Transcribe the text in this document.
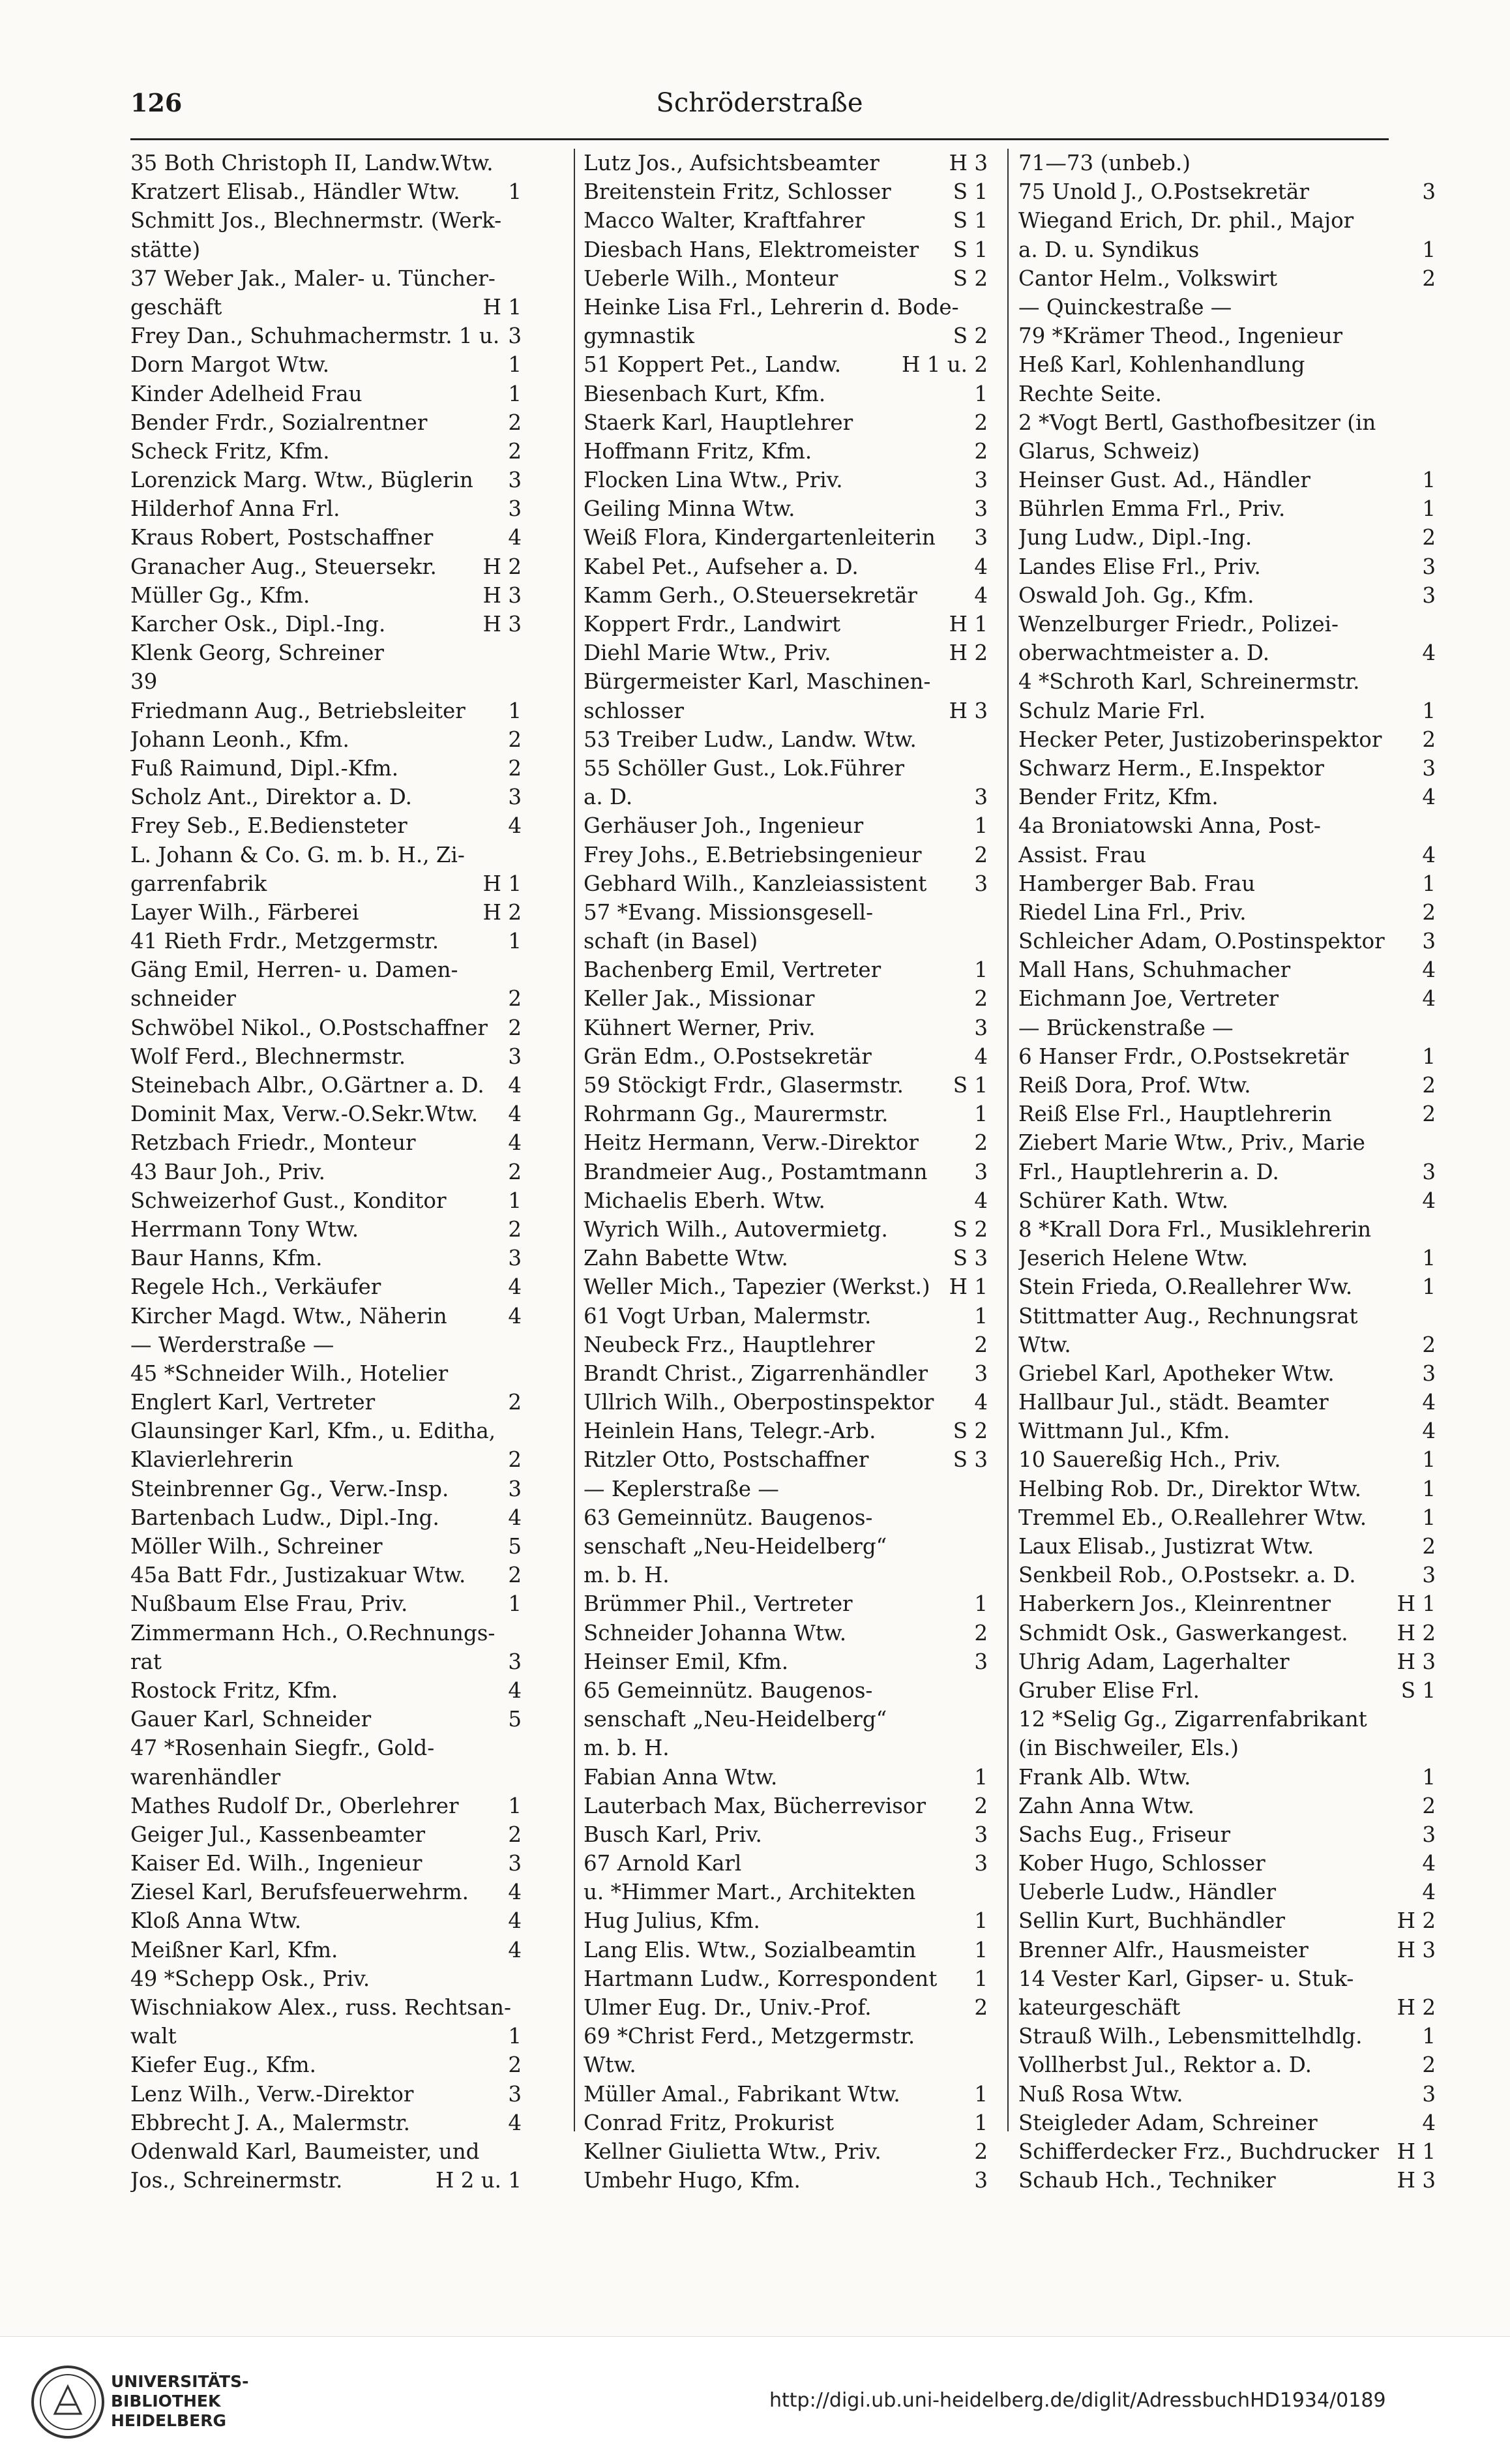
126	Schröderstraße
35 Both Christoph II, Landw.Wtw.
Kratzert Elisab., Händler Wtw.	1
Schmitt Jos., Blechnermstr. (Werk-
stätte)
37 Weber Jak., Maler- u. Tüncher-
geschäft	H 1
Frey Dan., Schuhmachermstr. 1 u. 3
Dorn Margot Wtw.	1
Kinder Adelheid Frau	1
Bender Frdr., Sozialrentner	2
Scheck Fritz, Kfm.	2
Lorenzick Marg. Wtw., Büglerin	3
Hilderhof Anna Frl.	3
Kraus Robert, Postschaffner	4
Granacher Aug., Steuersekr.	H 2
Müller Gg., Kfm.	H 3
Karcher Osk., Dipl.-Ing.	H 3
Klenk Georg, Schreiner
39
Friedmann Aug., Betriebsleiter	1
Johann Leonh., Kfm.	2
Fuß Raimund, Dipl.-Kfm.	2
Scholz Ant., Direktor a. D.	3
Frey Seb., E.Bediensteter	4
L. Johann & Co. G. m. b. H., Zi-
garrenfabrik	H 1
Layer Wilh., Färberei	H 2
41 Rieth Frdr., Metzgermstr.	1
Gäng Emil, Herren- u. Damen-
schneider	2
Schwöbel Nikol., O.Postschaffner 2
Wolf Ferd., Blechnermstr.	3
Steinebach Albr., O.Gärtner a. D.	4
Dominit Max, Verw.-O.Sekr.Wtw.	4
Retzbach Friedr., Monteur	4
43 Baur Joh., Priv.	2
Schweizerhof Gust., Konditor	1
Herrmann Tony Wtw.	2
Baur Hanns, Kfm.	3
Regele Hch., Verkäufer	4
Kircher Magd. Wtw., Näherin	4
— Werderstraße —
45 *Schneider Wilh., Hotelier
Englert Karl, Vertreter	2
Glaunsinger Karl, Kfm., u. Editha,
Klavierlehrerin	2
Steinbrenner Gg., Verw.-Insp.	3
Bartenbach Ludw., Dipl.-Ing.	4
Möller Wilh., Schreiner	5
45a Batt Fdr., Justizakuar Wtw.	2
Nußbaum Else Frau, Priv.	1
Zimmermann Hch., O.Rechnungs-
rat	3
Rostock Fritz, Kfm.	4
Gauer Karl, Schneider	5
47 *Rosenhain Siegfr., Gold-
warenhändler
Mathes Rudolf Dr., Oberlehrer	1
Geiger Jul., Kassenbeamter	2
Kaiser Ed. Wilh., Ingenieur	3
Ziesel Karl, Berufsfeuerwehrm.	4
Kloß Anna Wtw.	4
Meißner Karl, Kfm.	4
49 *Schepp Osk., Priv.
Wischniakow Alex., russ. Rechtsan-
walt	1
Kiefer Eug., Kfm.	2
Lenz Wilh., Verw.-Direktor	3
Ebbrecht J. A., Malermstr.	4
Odenwald Karl, Baumeister, und
Jos., Schreinermstr.	H 2 u. 1
Lutz Jos., Aufsichtsbeamter	H 3
Breitenstein Fritz, Schlosser	S 1
Macco Walter, Kraftfahrer	S 1
Diesbach Hans, Elektromeister	S 1
Ueberle Wilh., Monteur	S 2
Heinke Lisa Frl., Lehrerin d. Bode-
gymnastik	S 2
51 Koppert Pet., Landw.	H 1 u. 2
Biesenbach Kurt, Kfm.	1
Staerk Karl, Hauptlehrer	2
Hoffmann Fritz, Kfm.	2
Flocken Lina Wtw., Priv.	3
Geiling Minna Wtw.	3
Weiß Flora, Kindergartenleiterin	3
Kabel Pet., Aufseher a. D.	4
Kamm Gerh., O.Steuersekretär	4
Koppert Frdr., Landwirt	H 1
Diehl Marie Wtw., Priv.	H 2
Bürgermeister Karl, Maschinen-
schlosser	H 3
53 Treiber Ludw., Landw. Wtw.
55 Schöller Gust., Lok.Führer
a. D.	3
Gerhäuser Joh., Ingenieur	1
Frey Johs., E.Betriebsingenieur	2
Gebhard Wilh., Kanzleiassistent	3
57 *Evang. Missionsgesell-
schaft (in Basel)
Bachenberg Emil, Vertreter	1
Keller Jak., Missionar	2
Kühnert Werner, Priv.	3
Grän Edm., O.Postsekretär	4
59 Stöckigt Frdr., Glasermstr.	S 1
Rohrmann Gg., Maurermstr.	1
Heitz Hermann, Verw.-Direktor	2
Brandmeier Aug., Postamtmann	3
Michaelis Eberh. Wtw.	4
Wyrich Wilh., Autovermietg.	S 2
Zahn Babette Wtw.	S 3
Weller Mich., Tapezier (Werkst.) H 1
61 Vogt Urban, Malermstr.	1
Neubeck Frz., Hauptlehrer	2
Brandt Christ., Zigarrenhändler	3
Ullrich Wilh., Oberpostinspektor	4
Heinlein Hans, Telegr.-Arb.	S 2
Ritzler Otto, Postschaffner	S 3
— Keplerstraße —
63 Gemeinnütz. Baugenos-
senschaft „Neu-Heidelberg“
m. b. H.
Brümmer Phil., Vertreter	1
Schneider Johanna Wtw.	2
Heinser Emil, Kfm.	3
65 Gemeinnütz. Baugenos-
senschaft „Neu-Heidelberg“
m. b. H.
Fabian Anna Wtw.	1
Lauterbach Max, Bücherrevisor	2
Busch Karl, Priv.	3
67 Arnold Karl	3
u. *Himmer Mart., Architekten
Hug Julius, Kfm.	1
Lang Elis. Wtw., Sozialbeamtin	1
Hartmann Ludw., Korrespondent	1
Ulmer Eug. Dr., Univ.-Prof.	2
69 *Christ Ferd., Metzgermstr.
Wtw.
Müller Amal., Fabrikant Wtw.	1
Conrad Fritz, Prokurist	1
Kellner Giulietta Wtw., Priv.	2
Umbehr Hugo, Kfm.	3
71—73 (unbeb.)
75 Unold J., O.Postsekretär	3
Wiegand Erich, Dr. phil., Major
a. D. u. Syndikus	1
Cantor Helm., Volkswirt	2
— Quinckestraße —
79 *Krämer Theod., Ingenieur
Heß Karl, Kohlenhandlung
Rechte Seite.
2 *Vogt Bertl, Gasthofbesitzer (in
Glarus, Schweiz)
Heinser Gust. Ad., Händler	1
Bührlen Emma Frl., Priv.	1
Jung Ludw., Dipl.-Ing.	2
Landes Elise Frl., Priv.	3
Oswald Joh. Gg., Kfm.	3
Wenzelburger Friedr., Polizei-
oberwachtmeister a. D.	4
4 *Schroth Karl, Schreinermstr.
Schulz Marie Frl.	1
Hecker Peter, Justizoberinspektor	2
Schwarz Herm., E.Inspektor	3
Bender Fritz, Kfm.	4
4a Broniatowski Anna, Post-
Assist. Frau	4
Hamberger Bab. Frau	1
Riedel Lina Frl., Priv.	2
Schleicher Adam, O.Postinspektor	3
Mall Hans, Schuhmacher	4
Eichmann Joe, Vertreter	4
— Brückenstraße —
6 Hanser Frdr., O.Postsekretär	1
Reiß Dora, Prof. Wtw.	2
Reiß Else Frl., Hauptlehrerin	2
Ziebert Marie Wtw., Priv., Marie
Frl., Hauptlehrerin a. D.	3
Schürer Kath. Wtw.	4
8 *Krall Dora Frl., Musiklehrerin
Jeserich Helene Wtw.	1
Stein Frieda, O.Reallehrer Ww.	1
Stittmatter Aug., Rechnungsrat
Wtw.	2
Griebel Karl, Apotheker Wtw.	3
Hallbaur Jul., städt. Beamter	4
Wittmann Jul., Kfm.	4
10 Sauereßig Hch., Priv.	1
Helbing Rob. Dr., Direktor Wtw.	1
Tremmel Eb., O.Reallehrer Wtw.	1
Laux Elisab., Justizrat Wtw.	2
Senkbeil Rob., O.Postsekr. a. D.	3
Haberkern Jos., Kleinrentner	H 1
Schmidt Osk., Gaswerkangest.	H 2
Uhrig Adam, Lagerhalter	H 3
Gruber Elise Frl.	S 1
12 *Selig Gg., Zigarrenfabrikant
(in Bischweiler, Els.)
Frank Alb. Wtw.	1
Zahn Anna Wtw.	2
Sachs Eug., Friseur	3
Kober Hugo, Schlosser	4
Ueberle Ludw., Händler	4
Sellin Kurt, Buchhändler	H 2
Brenner Alfr., Hausmeister	H 3
14 Vester Karl, Gipser- u. Stuk-
kateurgeschäft	H 2
Strauß Wilh., Lebensmittelhdlg.	1
Vollherbst Jul., Rektor a. D.	2
Nuß Rosa Wtw.	3
Steigleder Adam, Schreiner	4
Schifferdecker Frz., Buchdrucker H 1
Schaub Hch., Techniker	H 3
UNIVERSITÄTS-
BIBLIOTHEK
HEIDELBERG
http://digi.ub.uni-heidelberg.de/diglit/AdressbuchHD1934/0189
